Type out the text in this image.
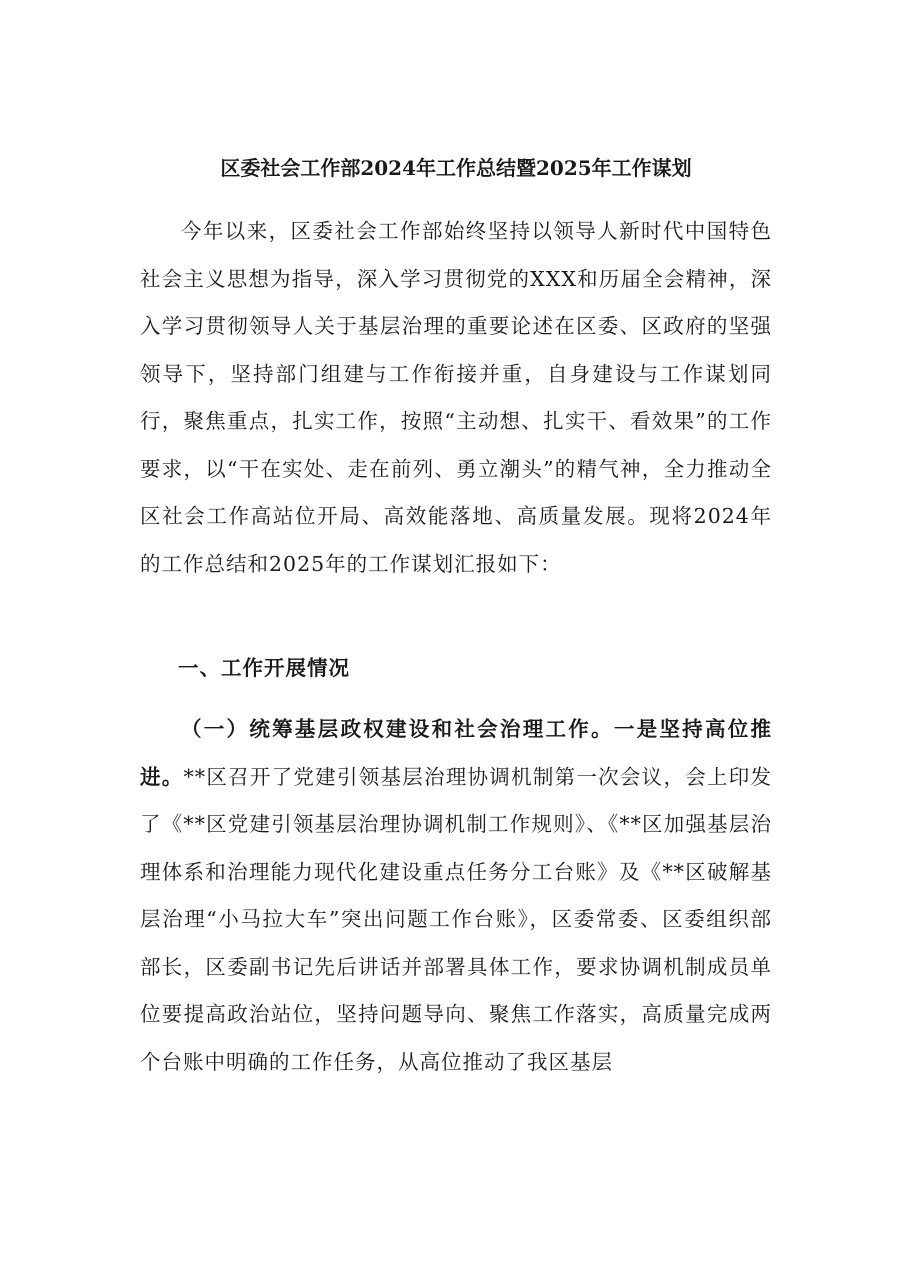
区委社会工作部2024年工作总结暨2025年工作谋划

今年以来，区委社会工作部始终坚持以领导人新时代中国特色社会主义思想为指导，深入学习贯彻党的XXX和历届全会精神，深入学习贯彻领导人关于基层治理的重要论述在区委、区政府的坚强领导下，坚持部门组建与工作衔接并重，自身建设与工作谋划同行，聚焦重点，扎实工作，按照“主动想、扎实干、看效果”的工作要求，以“干在实处、走在前列、勇立潮头”的精气神，全力推动全区社会工作高站位开局、高效能落地、高质量发展。现将2024年的工作总结和2025年的工作谋划汇报如下：

一、工作开展情况

（一）统筹基层政权建设和社会治理工作。一是坚持高位推进。**区召开了党建引领基层治理协调机制第一次会议，会上印发了《**区党建引领基层治理协调机制工作规则》、《**区加强基层治理体系和治理能力现代化建设重点任务分工台账》及《**区破解基层治理“小马拉大车”突出问题工作台账》，区委常委、区委组织部部长，区委副书记先后讲话并部署具体工作，要求协调机制成员单位要提高政治站位，坚持问题导向、聚焦工作落实，高质量完成两个台账中明确的工作任务，从高位推动了我区基层
